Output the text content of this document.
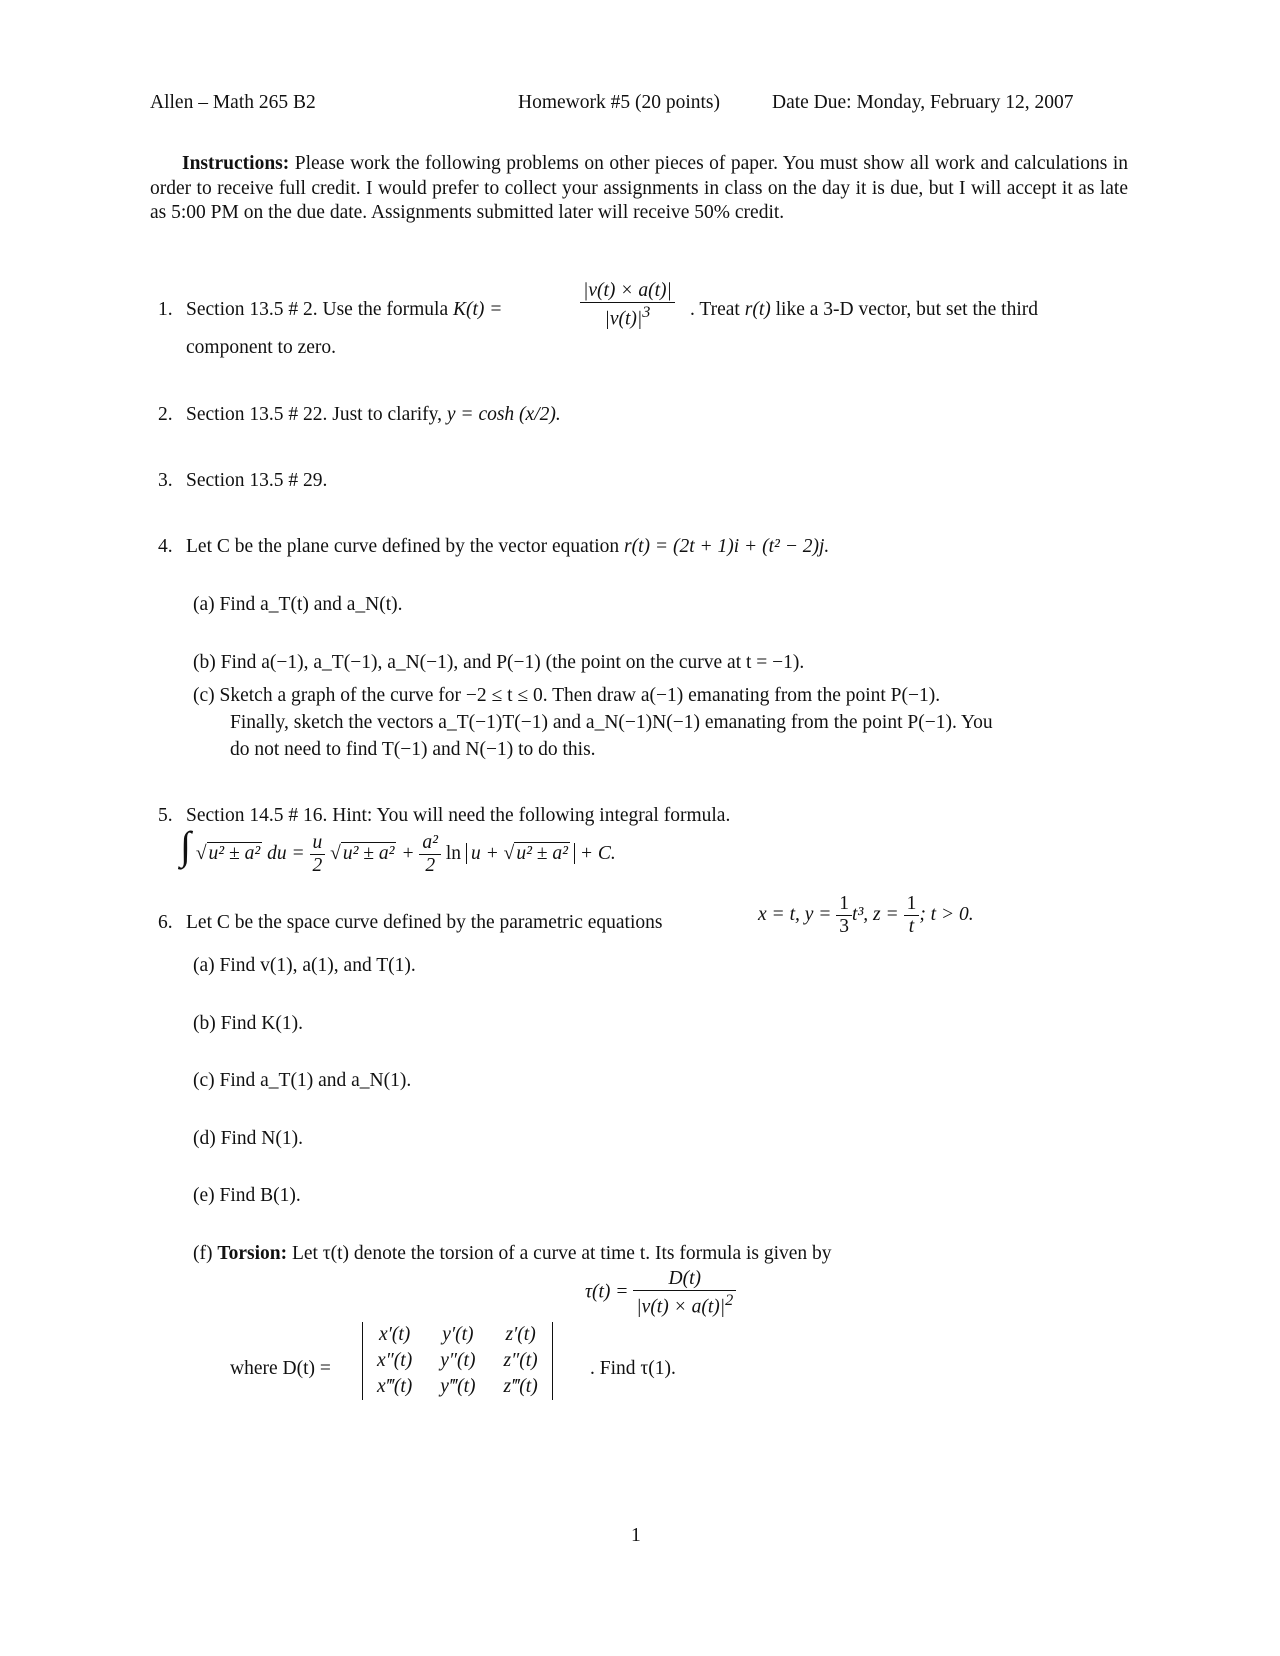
Allen – Math 265 B2	Homework #5 (20 points)	Date Due: Monday, February 12, 2007
Instructions: Please work the following problems on other pieces of paper. You must show all work and calculations in order to receive full credit. I would prefer to collect your assignments in class on the day it is due, but I will accept it as late as 5:00 PM on the due date. Assignments submitted later will receive 50% credit.
1. Section 13.5 # 2. Use the formula K(t) =	$\frac{|v(t) \times a(t)|}{|v(t)|^3}$ . Treat r(t) like a 3-D vector, but set the third
component to zero.
2. Section 13.5 # 22. Just to clarify, y = cosh (x/2).
3. Section 13.5 # 29.
4. Let C be the plane curve defined by the vector equation r(t) = (2t + 1)i + (t² − 2)j.
(a) Find a_T(t) and a_N(t).
(b) Find a(−1), a_T(−1), a_N(−1), and P(−1) (the point on the curve at t = −1).
(c) Sketch a graph of the curve for −2 ≤ t ≤ 0. Then draw a(−1) emanating from the point P(−1).
Finally, sketch the vectors a_T(−1)T(−1) and a_N(−1)N(−1) emanating from the point P(−1). You
do not need to find T(−1) and N(−1) to do this.
5. Section 14.5 # 16. Hint: You will need the following integral formula.
∫ √ u² ± a² du = $\frac{u}{2}$ √ $u^2 \pm a^2 + \frac{\text{a²}}{2}$ ln u + √ u² ± a² + C.
6. Let C be the space curve defined by the parametric equations	x = t, $y = \frac{1}{3} t^3$, $z = \frac{1}{t}$ ; t > 0.
(a) Find v(1), a(1), and T(1).
(b) Find K(1).
(c) Find a_T(1) and a_N(1).
(d) Find N(1).
(e) Find B(1).
(f) Torsion: Let τ(t) denote the torsion of a curve at time t. Its formula is given by
$\tau(t) = \frac{D(t)}{|v(t) \times a(t)|^2}$
where D(t) =
x′(t)	y′(t)	z′(t)
x″(t)	y″(t)	z″(t)
x‴(t)	y‴(t)	z‴(t)
. Find τ(1).
1
